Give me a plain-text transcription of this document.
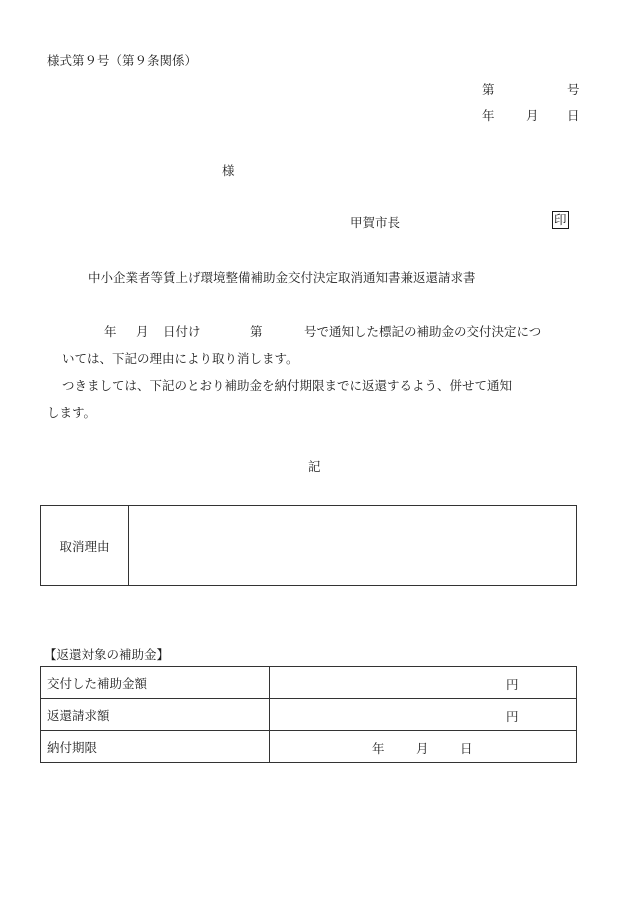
様式第９号（第９条関係）
第	号
年	月 日
様
甲賀市長	印
中小企業者等賃上げ環境整備補助金交付決定取消通知書兼返還請求書
年 月 日付け	第	号で通知した標記の補助金の交付決定につ
いては、下記の理由により取り消します。
つきましては、下記のとおり補助金を納付期限までに返還するよう、併せて通知
します。
記
取消理由
【返還対象の補助金】
交付した補助金額	円

返還請求額	円

納付期限	年 月 日
